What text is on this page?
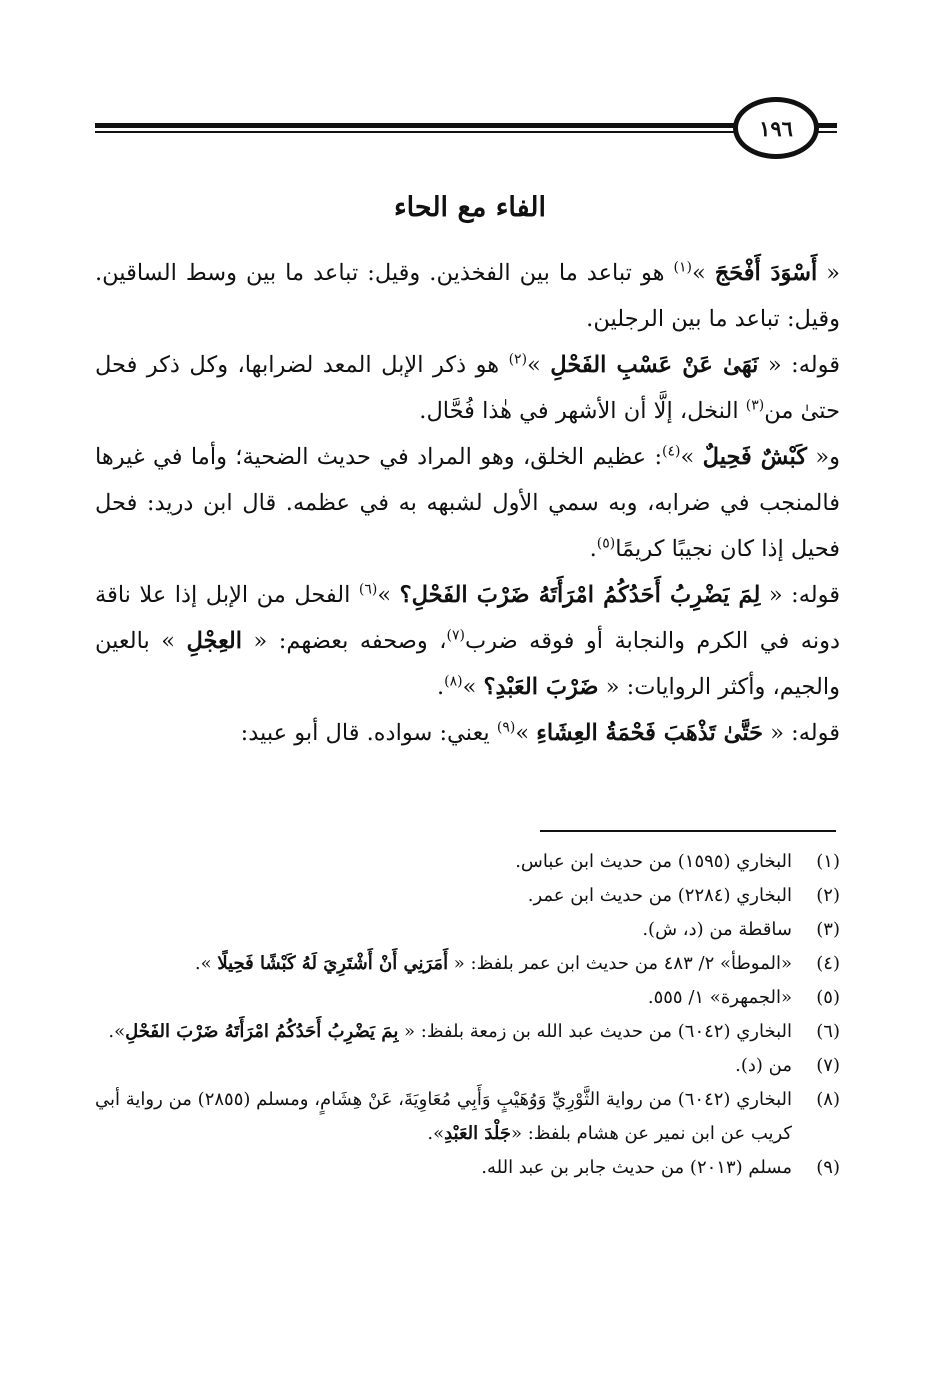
١٩٦
الفاء مع الحاء

« أَسْوَدَ أَفْحَجَ »$^{(١)}$ هو تباعد ما بين الفخذين. وقيل: تباعد ما بين وسط الساقين. وقيل: تباعد ما بين الرجلين.

قوله: « نَهَىٰ عَنْ عَسْبِ الفَحْلِ »$^{(٢)}$ هو ذكر الإبل المعد لضرابها، وكل ذكر فحل حتىٰ من$^{(٣)}$ النخل، إلَّا أن الأشهر في هٰذا فُحَّال.

و« كَبْشٌ فَحِيلٌ »$^{(٤)}$: عظيم الخلق، وهو المراد في حديث الضحية؛ وأما في غيرها فالمنجب في ضرابه، وبه سمي الأول لشبهه به في عظمه. قال ابن دريد: فحل فحيل إذا كان نجيبًا كريمًا$^{(٥)}$.

قوله: « لِمَ يَضْرِبُ أَحَدُكُمُ امْرَأَتَهُ ضَرْبَ الفَحْلِ؟ »$^{(٦)}$ الفحل من الإبل إذا علا ناقة دونه في الكرم والنجابة أو فوقه ضرب$^{(٧)}$، وصحفه بعضهم: « العِجْلِ » بالعين والجيم، وأكثر الروايات: « ضَرْبَ العَبْدِ؟ »$^{(٨)}$.

قوله: « حَتَّىٰ تَذْهَبَ فَحْمَةُ العِشَاءِ »$^{(٩)}$ يعني: سواده. قال أبو عبيد:

(١)
البخاري (١٥٩٥) من حديث ابن عباس.
(٢)
البخاري (٢٢٨٤) من حديث ابن عمر.
(٣)
ساقطة من (د، ش).
(٤)
«الموطأ» ٢/ ٤٨٣ من حديث ابن عمر بلفظ: « أَمَرَنِي أَنْ أَشْتَرِيَ لَهُ كَبْشًا فَحِيلًا ».
(٥)
«الجمهرة» ١/ ٥٥٥.
(٦)
البخاري (٦٠٤٢) من حديث عبد الله بن زمعة بلفظ: « بِمَ يَضْرِبُ أَحَدُكُمُ امْرَأَتَهُ ضَرْبَ الفَحْلِ».
(٧)
من (د).
(٨)
البخاري (٦٠٤٢) من رواية الثَّوْرِيِّ وَوُهَيْبٍ وَأَبِي مُعَاوِيَةَ، عَنْ هِشَامٍ، ومسلم (٢٨٥٥) من رواية أبي كريب عن ابن نمير عن هشام بلفظ: «جَلْدَ العَبْدِ».
(٩)
مسلم (٢٠١٣) من حديث جابر بن عبد الله.
